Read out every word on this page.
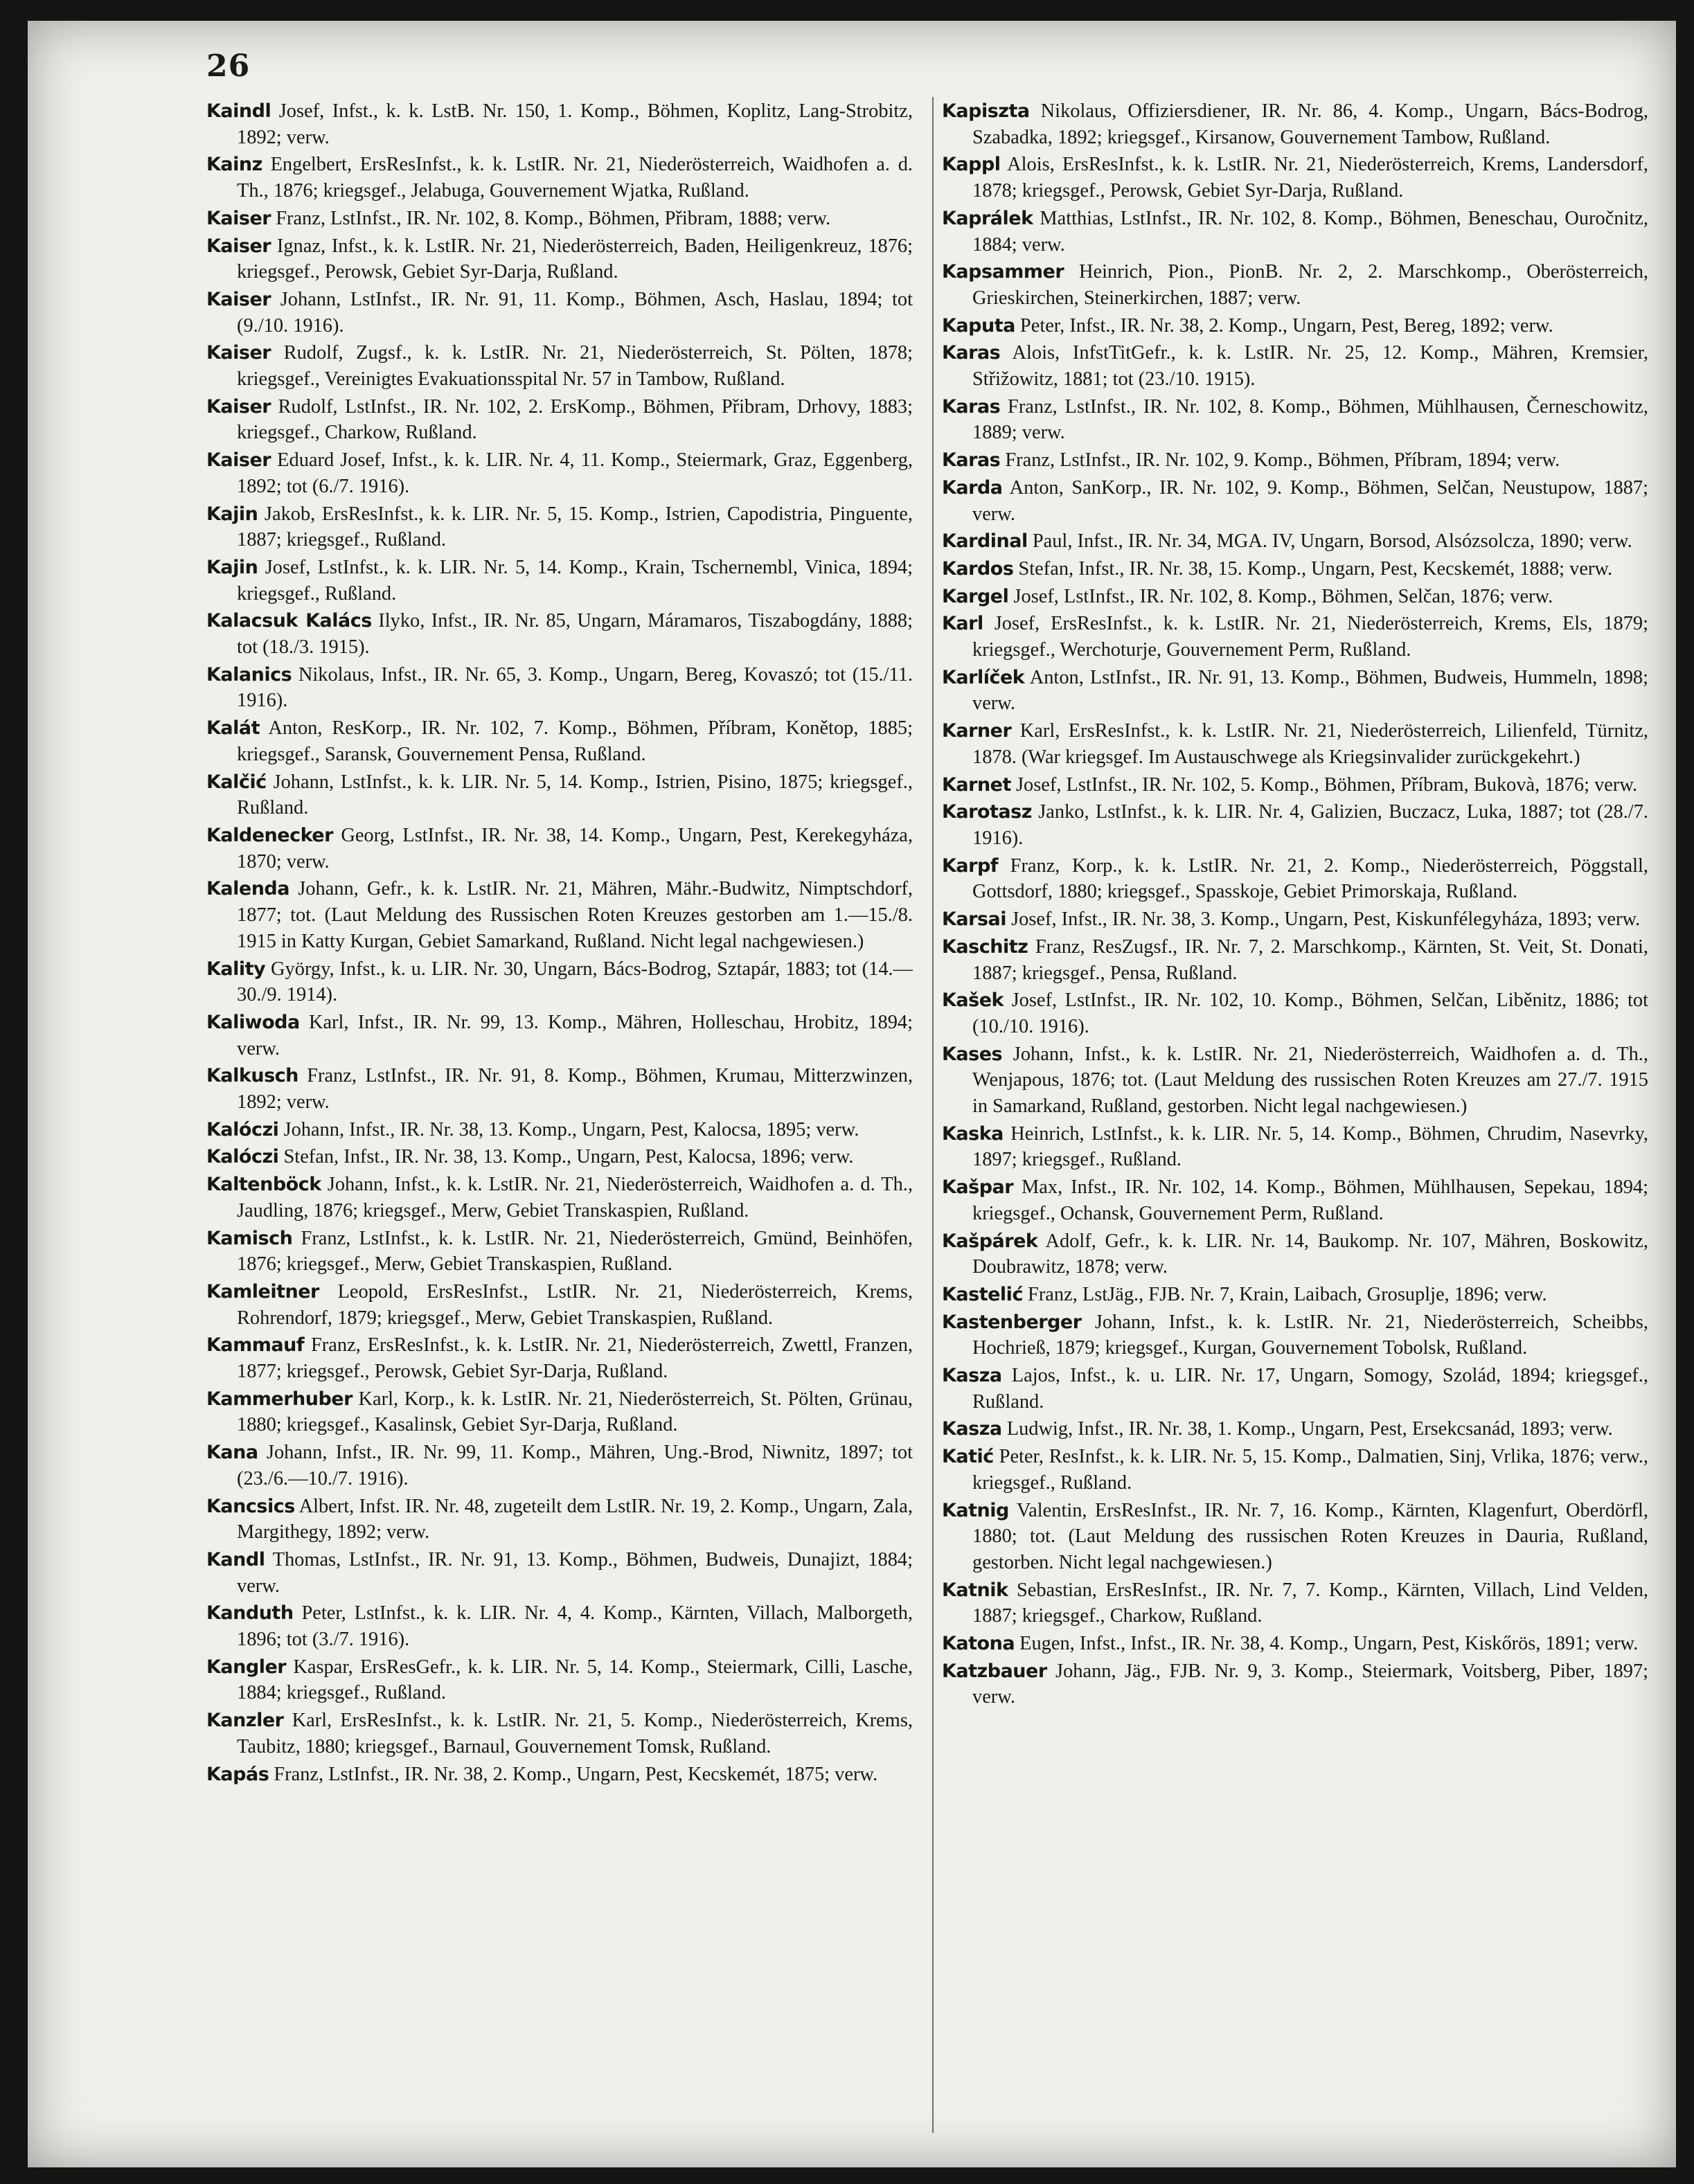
26

Kaindl Josef, Infst., k. k. LstB. Nr. 150, 1. Komp., Böhmen, Koplitz, Lang-Strobitz, 1892; verw.

Kainz Engelbert, ErsResInfst., k. k. LstIR. Nr. 21, Niederösterreich, Waidhofen a. d. Th., 1876; kriegsgef., Jelabuga, Gouvernement Wjatka, Rußland.

Kaiser Franz, LstInfst., IR. Nr. 102, 8. Komp., Böhmen, Přibram, 1888; verw.

Kaiser Ignaz, Infst., k. k. LstIR. Nr. 21, Niederösterreich, Baden, Heiligenkreuz, 1876; kriegsgef., Perowsk, Gebiet Syr-Darja, Rußland.

Kaiser Johann, LstInfst., IR. Nr. 91, 11. Komp., Böhmen, Asch, Haslau, 1894; tot (9./10. 1916).

Kaiser Rudolf, Zugsf., k. k. LstIR. Nr. 21, Niederösterreich, St. Pölten, 1878; kriegsgef., Vereinigtes Evakuationsspital Nr. 57 in Tambow, Rußland.

Kaiser Rudolf, LstInfst., IR. Nr. 102, 2. ErsKomp., Böhmen, Přibram, Drhovy, 1883; kriegsgef., Charkow, Rußland.

Kaiser Eduard Josef, Infst., k. k. LIR. Nr. 4, 11. Komp., Steiermark, Graz, Eggenberg, 1892; tot (6./7. 1916).

Kajin Jakob, ErsResInfst., k. k. LIR. Nr. 5, 15. Komp., Istrien, Capodistria, Pinguente, 1887; kriegsgef., Rußland.

Kajin Josef, LstInfst., k. k. LIR. Nr. 5, 14. Komp., Krain, Tschernembl, Vinica, 1894; kriegsgef., Rußland.

Kalacsuk Kalács Ilyko, Infst., IR. Nr. 85, Ungarn, Máramaros, Tiszabogdány, 1888; tot (18./3. 1915).

Kalanics Nikolaus, Infst., IR. Nr. 65, 3. Komp., Ungarn, Bereg, Kovaszó; tot (15./11. 1916).

Kalát Anton, ResKorp., IR. Nr. 102, 7. Komp., Böhmen, Příbram, Konětop, 1885; kriegsgef., Saransk, Gouvernement Pensa, Rußland.

Kalčić Johann, LstInfst., k. k. LIR. Nr. 5, 14. Komp., Istrien, Pisino, 1875; kriegsgef., Rußland.

Kaldenecker Georg, LstInfst., IR. Nr. 38, 14. Komp., Ungarn, Pest, Kerekegyháza, 1870; verw.

Kalenda Johann, Gefr., k. k. LstIR. Nr. 21, Mähren, Mähr.-Budwitz, Nimptschdorf, 1877; tot. (Laut Meldung des Russischen Roten Kreuzes gestorben am 1.—15./8. 1915 in Katty Kurgan, Gebiet Samarkand, Rußland. Nicht legal nachgewiesen.)

Kality György, Infst., k. u. LIR. Nr. 30, Ungarn, Bács-Bodrog, Sztapár, 1883; tot (14.—30./9. 1914).

Kaliwoda Karl, Infst., IR. Nr. 99, 13. Komp., Mähren, Holleschau, Hrobitz, 1894; verw.

Kalkusch Franz, LstInfst., IR. Nr. 91, 8. Komp., Böhmen, Krumau, Mitterzwinzen, 1892; verw.

Kalóczi Johann, Infst., IR. Nr. 38, 13. Komp., Ungarn, Pest, Kalocsa, 1895; verw.

Kalóczi Stefan, Infst., IR. Nr. 38, 13. Komp., Ungarn, Pest, Kalocsa, 1896; verw.

Kaltenböck Johann, Infst., k. k. LstIR. Nr. 21, Niederösterreich, Waidhofen a. d. Th., Jaudling, 1876; kriegsgef., Merw, Gebiet Transkaspien, Rußland.

Kamisch Franz, LstInfst., k. k. LstIR. Nr. 21, Niederösterreich, Gmünd, Beinhöfen, 1876; kriegsgef., Merw, Gebiet Transkaspien, Rußland.

Kamleitner Leopold, ErsResInfst., LstIR. Nr. 21, Niederösterreich, Krems, Rohrendorf, 1879; kriegsgef., Merw, Gebiet Transkaspien, Rußland.

Kammauf Franz, ErsResInfst., k. k. LstIR. Nr. 21, Niederösterreich, Zwettl, Franzen, 1877; kriegsgef., Perowsk, Gebiet Syr-Darja, Rußland.

Kammerhuber Karl, Korp., k. k. LstIR. Nr. 21, Niederösterreich, St. Pölten, Grünau, 1880; kriegsgef., Kasalinsk, Gebiet Syr-Darja, Rußland.

Kana Johann, Infst., IR. Nr. 99, 11. Komp., Mähren, Ung.-Brod, Niwnitz, 1897; tot (23./6.—10./7. 1916).

Kancsics Albert, Infst. IR. Nr. 48, zugeteilt dem LstIR. Nr. 19, 2. Komp., Ungarn, Zala, Margithegy, 1892; verw.

Kandl Thomas, LstInfst., IR. Nr. 91, 13. Komp., Böhmen, Budweis, Dunajizt, 1884; verw.

Kanduth Peter, LstInfst., k. k. LIR. Nr. 4, 4. Komp., Kärnten, Villach, Malborgeth, 1896; tot (3./7. 1916).

Kangler Kaspar, ErsResGefr., k. k. LIR. Nr. 5, 14. Komp., Steiermark, Cilli, Lasche, 1884; kriegsgef., Rußland.

Kanzler Karl, ErsResInfst., k. k. LstIR. Nr. 21, 5. Komp., Niederösterreich, Krems, Taubitz, 1880; kriegsgef., Barnaul, Gouvernement Tomsk, Rußland.

Kapás Franz, LstInfst., IR. Nr. 38, 2. Komp., Ungarn, Pest, Kecskemét, 1875; verw.

Kapiszta Nikolaus, Offiziersdiener, IR. Nr. 86, 4. Komp., Ungarn, Bács-Bodrog, Szabadka, 1892; kriegsgef., Kirsanow, Gouvernement Tambow, Rußland.

Kappl Alois, ErsResInfst., k. k. LstIR. Nr. 21, Niederösterreich, Krems, Landersdorf, 1878; kriegsgef., Perowsk, Gebiet Syr-Darja, Rußland.

Kaprálek Matthias, LstInfst., IR. Nr. 102, 8. Komp., Böhmen, Beneschau, Ouročnitz, 1884; verw.

Kapsammer Heinrich, Pion., PionB. Nr. 2, 2. Marschkomp., Oberösterreich, Grieskirchen, Steinerkirchen, 1887; verw.

Kaputa Peter, Infst., IR. Nr. 38, 2. Komp., Ungarn, Pest, Bereg, 1892; verw.

Karas Alois, InfstTitGefr., k. k. LstIR. Nr. 25, 12. Komp., Mähren, Kremsier, Střižowitz, 1881; tot (23./10. 1915).

Karas Franz, LstInfst., IR. Nr. 102, 8. Komp., Böhmen, Mühlhausen, Černeschowitz, 1889; verw.

Karas Franz, LstInfst., IR. Nr. 102, 9. Komp., Böhmen, Příbram, 1894; verw.

Karda Anton, SanKorp., IR. Nr. 102, 9. Komp., Böhmen, Selčan, Neustupow, 1887; verw.

Kardinal Paul, Infst., IR. Nr. 34, MGA. IV, Ungarn, Borsod, Alsózsolcza, 1890; verw.

Kardos Stefan, Infst., IR. Nr. 38, 15. Komp., Ungarn, Pest, Kecskemét, 1888; verw.

Kargel Josef, LstInfst., IR. Nr. 102, 8. Komp., Böhmen, Selčan, 1876; verw.

Karl Josef, ErsResInfst., k. k. LstIR. Nr. 21, Niederösterreich, Krems, Els, 1879; kriegsgef., Werchoturje, Gouvernement Perm, Rußland.

Karlíček Anton, LstInfst., IR. Nr. 91, 13. Komp., Böhmen, Budweis, Hummeln, 1898; verw.

Karner Karl, ErsResInfst., k. k. LstIR. Nr. 21, Niederösterreich, Lilienfeld, Türnitz, 1878. (War kriegsgef. Im Austauschwege als Kriegsinvalider zurückgekehrt.)

Karnet Josef, LstInfst., IR. Nr. 102, 5. Komp., Böhmen, Příbram, Bukovà, 1876; verw.

Karotasz Janko, LstInfst., k. k. LIR. Nr. 4, Galizien, Buczacz, Luka, 1887; tot (28./7. 1916).

Karpf Franz, Korp., k. k. LstIR. Nr. 21, 2. Komp., Niederösterreich, Pöggstall, Gottsdorf, 1880; kriegsgef., Spasskoje, Gebiet Primorskaja, Rußland.

Karsai Josef, Infst., IR. Nr. 38, 3. Komp., Ungarn, Pest, Kiskunfélegyháza, 1893; verw.

Kaschitz Franz, ResZugsf., IR. Nr. 7, 2. Marschkomp., Kärnten, St. Veit, St. Donati, 1887; kriegsgef., Pensa, Rußland.

Kašek Josef, LstInfst., IR. Nr. 102, 10. Komp., Böhmen, Selčan, Liběnitz, 1886; tot (10./10. 1916).

Kases Johann, Infst., k. k. LstIR. Nr. 21, Niederösterreich, Waidhofen a. d. Th., Wenjapous, 1876; tot. (Laut Meldung des russischen Roten Kreuzes am 27./7. 1915 in Samarkand, Rußland, gestorben. Nicht legal nachgewiesen.)

Kaska Heinrich, LstInfst., k. k. LIR. Nr. 5, 14. Komp., Böhmen, Chrudim, Nasevrky, 1897; kriegsgef., Rußland.

Kašpar Max, Infst., IR. Nr. 102, 14. Komp., Böhmen, Mühlhausen, Sepekau, 1894; kriegsgef., Ochansk, Gouvernement Perm, Rußland.

Kašpárek Adolf, Gefr., k. k. LIR. Nr. 14, Baukomp. Nr. 107, Mähren, Boskowitz, Doubrawitz, 1878; verw.

Kastelić Franz, LstJäg., FJB. Nr. 7, Krain, Laibach, Grosuplje, 1896; verw.

Kastenberger Johann, Infst., k. k. LstIR. Nr. 21, Niederösterreich, Scheibbs, Hochrieß, 1879; kriegsgef., Kurgan, Gouvernement Tobolsk, Rußland.

Kasza Lajos, Infst., k. u. LIR. Nr. 17, Ungarn, Somogy, Szolád, 1894; kriegsgef., Rußland.

Kasza Ludwig, Infst., IR. Nr. 38, 1. Komp., Ungarn, Pest, Ersekcsanád, 1893; verw.

Katić Peter, ResInfst., k. k. LIR. Nr. 5, 15. Komp., Dalmatien, Sinj, Vrlika, 1876; verw., kriegsgef., Rußland.

Katnig Valentin, ErsResInfst., IR. Nr. 7, 16. Komp., Kärnten, Klagenfurt, Oberdörfl, 1880; tot. (Laut Meldung des russischen Roten Kreuzes in Dauria, Rußland, gestorben. Nicht legal nachgewiesen.)

Katnik Sebastian, ErsResInfst., IR. Nr. 7, 7. Komp., Kärnten, Villach, Lind Velden, 1887; kriegsgef., Charkow, Rußland.

Katona Eugen, Infst., Infst., IR. Nr. 38, 4. Komp., Ungarn, Pest, Kiskőrös, 1891; verw.

Katzbauer Johann, Jäg., FJB. Nr. 9, 3. Komp., Steiermark, Voitsberg, Piber, 1897; verw.
